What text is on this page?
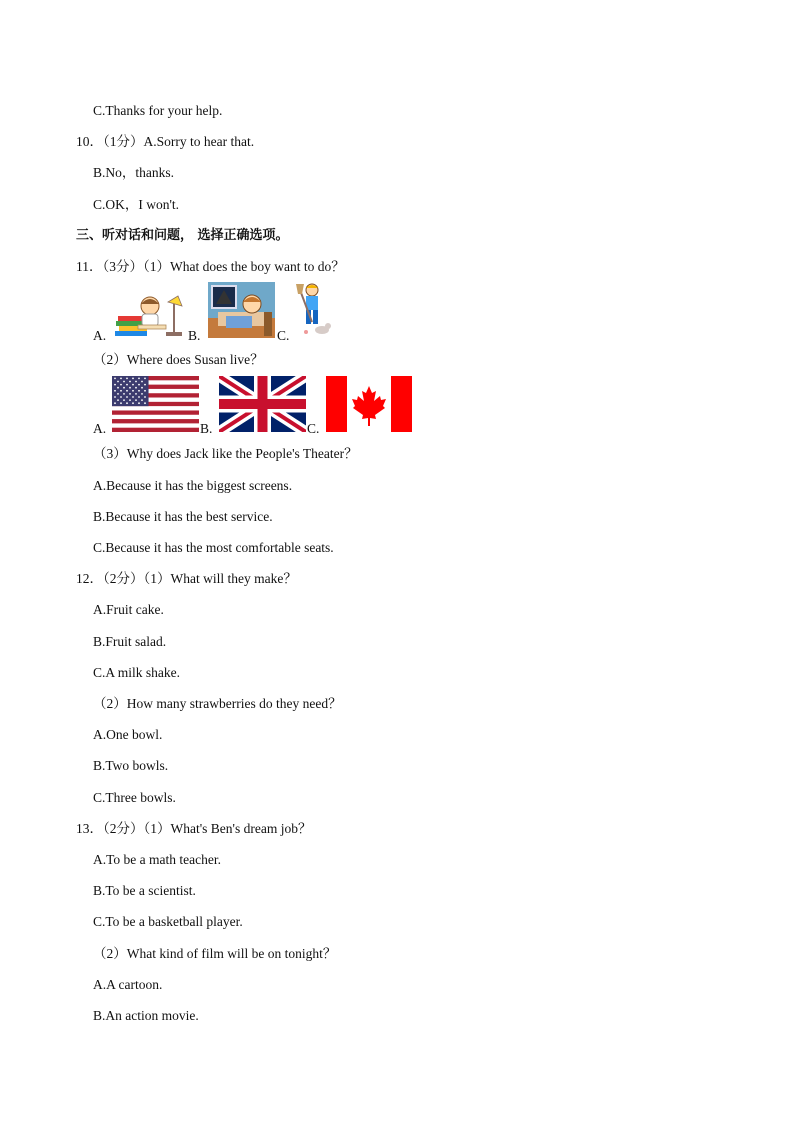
C.Thanks for your help.
10．（1分）A.Sorry to hear that.
B.No，thanks.
C.OK，I won't.
三、听对话和问题， 选择正确选项。
11．（3分）（1）What does the boy want to do？
A.	B.	C.
（2）Where does Susan live？
A.	B.	C.
（3）Why does Jack like the People's Theater？
A.Because it has the biggest screens.
B.Because it has the best service.
C.Because it has the most comfortable seats.
12．（2分）（1）What will they make？
A.Fruit cake.
B.Fruit salad.
C.A milk shake.
（2）How many strawberries do they need？
A.One bowl.
B.Two bowls.
C.Three bowls.
13．（2分）（1）What's Ben's dream job？
A.To be a math teacher.
B.To be a scientist.
C.To be a basketball player.
（2）What kind of film will be on tonight？
A.A cartoon.
B.An action movie.
